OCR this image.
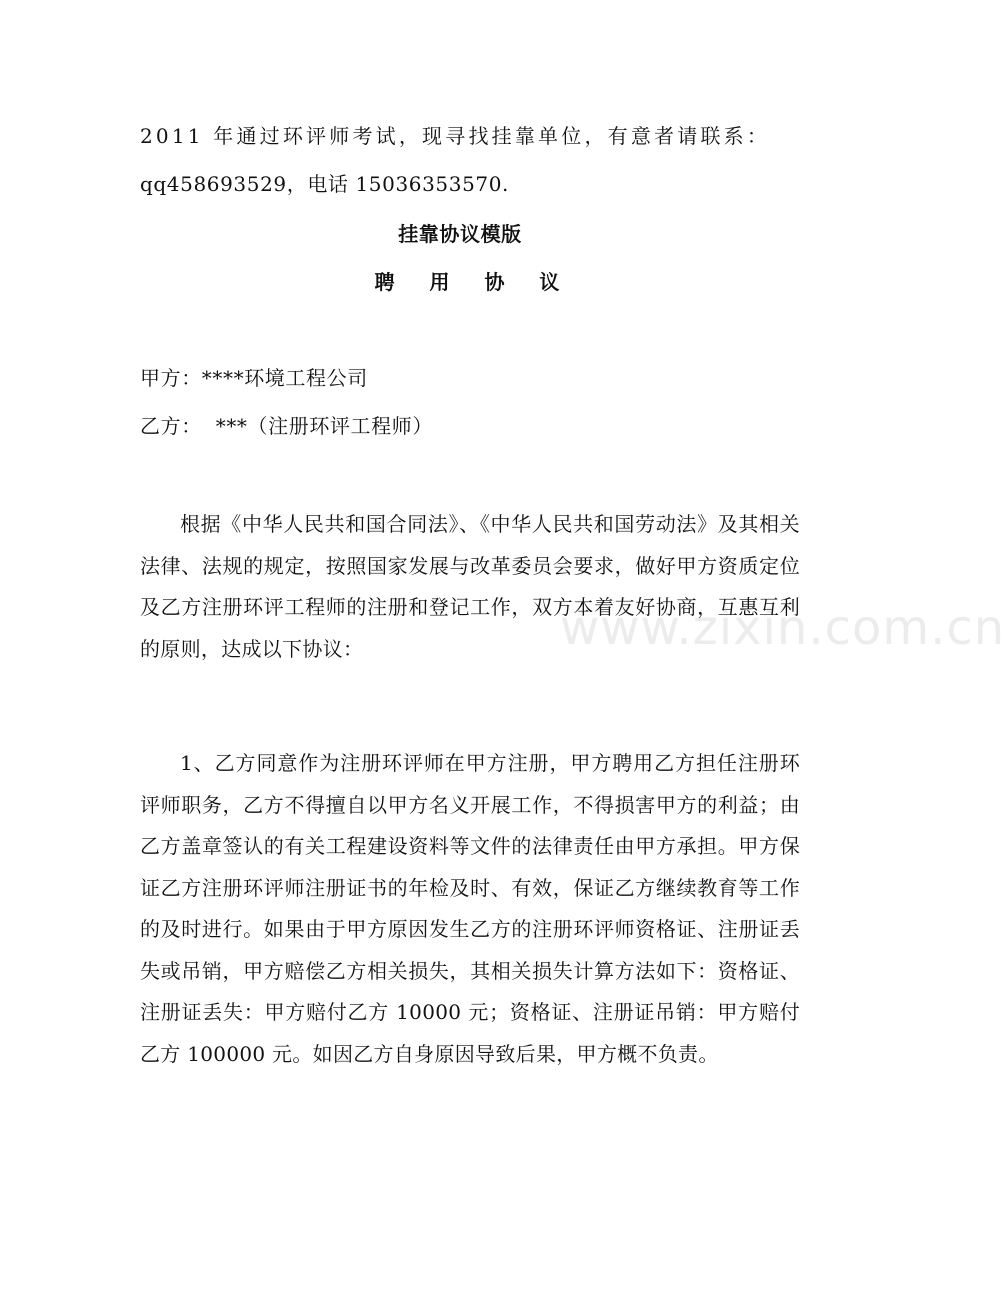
2011 年通过环评师考试，现寻找挂靠单位，有意者请联系：
qq458693529，电话 15036353570.
挂靠协议模版
聘 用 协 议
甲方：****环境工程公司
乙方：  ***（注册环评工程师）

根据《中华人民共和国合同法》、《中华人民共和国劳动法》及其相关法律、法规的规定，按照国家发展与改革委员会要求，做好甲方资质定位及乙方注册环评工程师的注册和登记工作，双方本着友好协商，互惠互利的原则，达成以下协议：

1、乙方同意作为注册环评师在甲方注册，甲方聘用乙方担任注册环评师职务，乙方不得擅自以甲方名义开展工作，不得损害甲方的利益；由乙方盖章签认的有关工程建设资料等文件的法律责任由甲方承担。甲方保证乙方注册环评师注册证书的年检及时、有效，保证乙方继续教育等工作的及时进行。如果由于甲方原因发生乙方的注册环评师资格证、注册证丢失或吊销，甲方赔偿乙方相关损失，其相关损失计算方法如下：资格证、注册证丢失：甲方赔付乙方 10000 元；资格证、注册证吊销：甲方赔付乙方 100000 元。如因乙方自身原因导致后果，甲方概不负责。

www.zixin.com.cn
